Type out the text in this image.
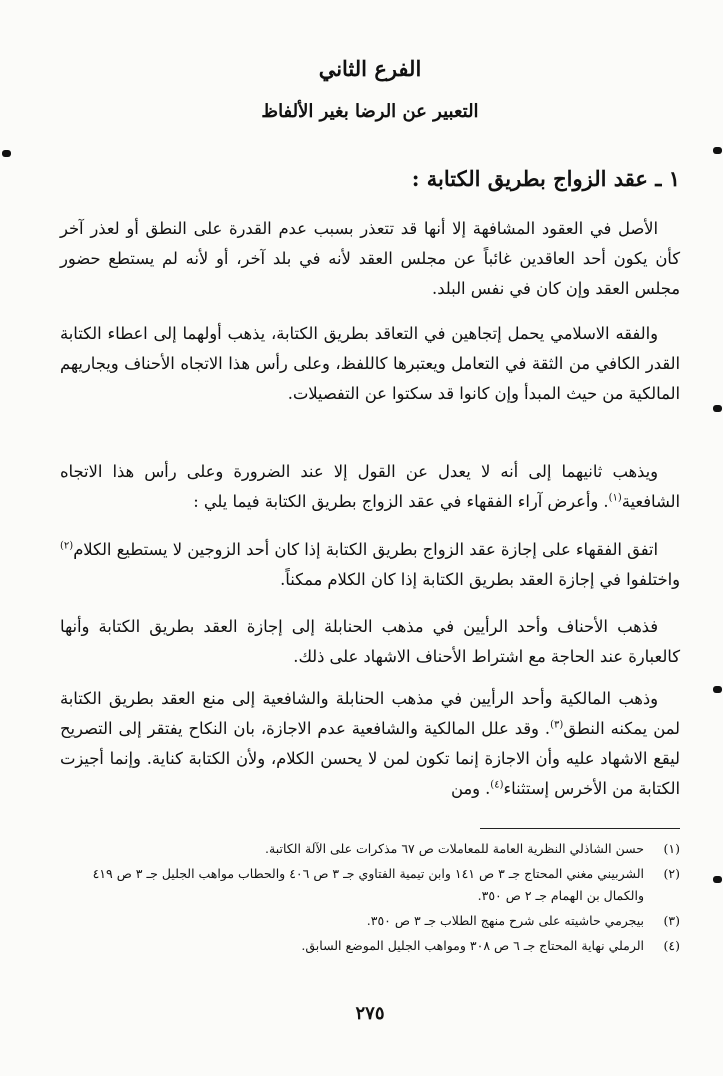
الفرع الثاني
التعبير عن الرضا بغير الألفاظ
١ ـ عقد الزواج بطريق الكتابة :

الأصل في العقود المشافهة إلا أنها قد تتعذر بسبب عدم القدرة على النطق أو لعذر آخر كأن يكون أحد العاقدين غائباً عن مجلس العقد لأنه في بلد آخر، أو لأنه لم يستطع حضور مجلس العقد وإن كان في نفس البلد.

والفقه الاسلامي يحمل إتجاهين في التعاقد بطريق الكتابة، يذهب أولهما إلى اعطاء الكتابة القدر الكافي من الثقة في التعامل ويعتبرها كاللفظ، وعلى رأس هذا الاتجاه الأحناف ويجاريهم المالكية من حيث المبدأ وإن كانوا قد سكتوا عن التفصيلات.

ويذهب ثانيهما إلى أنه لا يعدل عن القول إلا عند الضرورة وعلى رأس هذا الاتجاه الشافعية$^{(١)}$. وأعرض آراء الفقهاء في عقد الزواج بطريق الكتابة فيما يلي :

اتفق الفقهاء على إجازة عقد الزواج بطريق الكتابة إذا كان أحد الزوجين لا يستطيع الكلام$^{(٢)}$ واختلفوا في إجازة العقد بطريق الكتابة إذا كان الكلام ممكناً.

فذهب الأحناف وأحد الرأيين في مذهب الحنابلة إلى إجازة العقد بطريق الكتابة وأنها كالعبارة عند الحاجة مع اشتراط الأحناف الاشهاد على ذلك.

وذهب المالكية وأحد الرأيين في مذهب الحنابلة والشافعية إلى منع العقد بطريق الكتابة لمن يمكنه النطق$^{(٣)}$. وقد علل المالكية والشافعية عدم الاجازة، بان النكاح يفتقر إلى التصريح ليقع الاشهاد عليه وأن الاجازة إنما تكون لمن لا يحسن الكلام، ولأن الكتابة كناية. وإنما أجيزت الكتابة من الأخرس إستثناء$^{(٤)}$. ومن

(١)
حسن الشاذلي النظرية العامة للمعاملات ص ٦٧ مذكرات على الآلة الكاتبة.
(٢)
الشربيني مغني المحتاج جـ ٣ ص ١٤١ وابن تيمية الفتاوي جـ ٣ ص ٤٠٦ والحطاب مواهب الجليل جـ ٣ ص ٤١٩ والكمال بن الهمام جـ ٢ ص ٣٥٠.
(٣)
بيجرمي حاشيته على شرح منهج الطلاب جـ ٣ ص ٣٥٠.
(٤)
الرملي نهاية المحتاج جـ ٦ ص ٣٠٨ ومواهب الجليل الموضع السابق.
٢٧٥
